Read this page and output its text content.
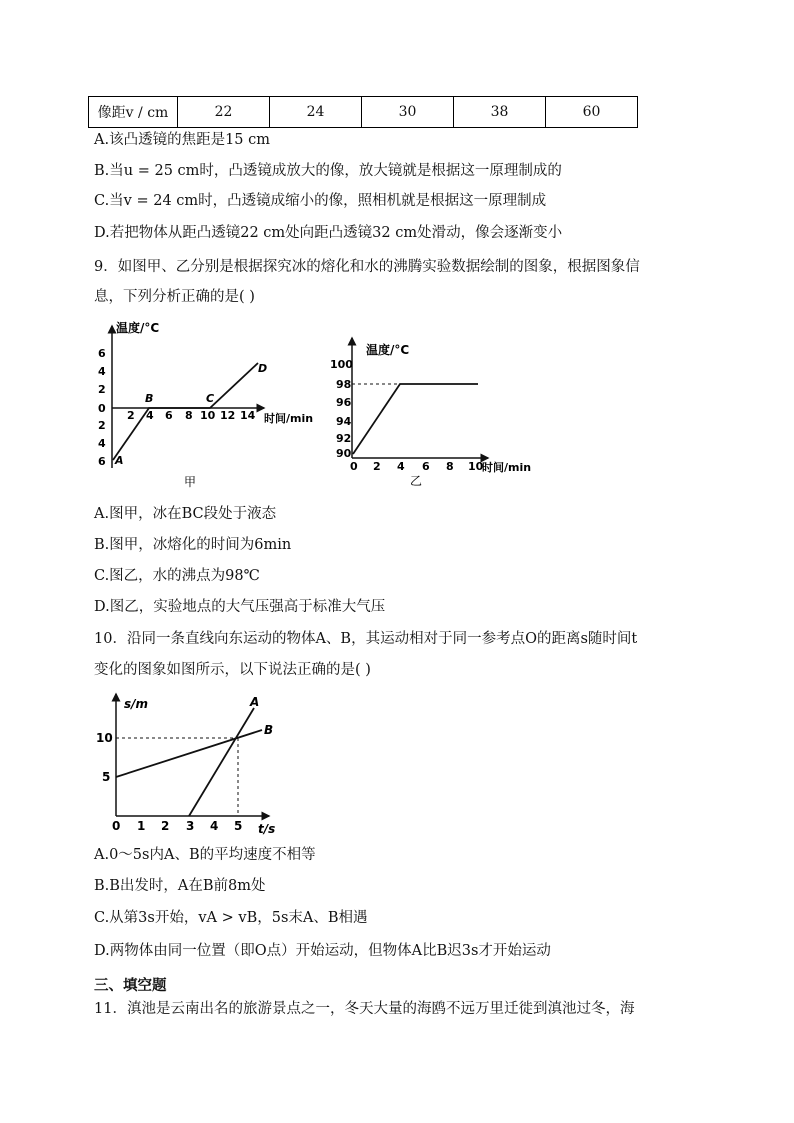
像距v / cm	22	24	30	38	60
A.该凸透镜的焦距是15 cm
B.当u = 25 cm时，凸透镜成放大的像，放大镜就是根据这一原理制成的
C.当v = 24 cm时，凸透镜成缩小的像，照相机就是根据这一原理制成
D.若把物体从距凸透镜22 cm处向距凸透镜32 cm处滑动，像会逐渐变小
9．如图甲、乙分别是根据探究冰的熔化和水的沸腾实验数据绘制的图象，根据图象信
息，下列分析正确的是( )
温度/°C
时间/min
6
4
2
0
2
4
6
2 4 6 8 10 12 14
A
B	C
D
甲
温度/°C
时间/min
100
98
96
94
92
90
0 2 4 6 8 10
乙
A.图甲，冰在BC段处于液态
B.图甲，冰熔化的时间为6min
C.图乙，水的沸点为98℃
D.图乙，实验地点的大气压强高于标准大气压
10．沿同一条直线向东运动的物体A、B，其运动相对于同一参考点O的距离s随时间t
变化的图象如图所示，以下说法正确的是( )
s/m
t/s
10
5
0 1 2 3 4 5
A
B
A.0～5s内A、B的平均速度不相等
B.B出发时，A在B前8m处
C.从第3s开始，vA > vB，5s末A、B相遇
D.两物体由同一位置（即O点）开始运动，但物体A比B迟3s才开始运动
三、填空题
11．滇池是云南出名的旅游景点之一，冬天大量的海鸥不远万里迁徙到滇池过冬，海
